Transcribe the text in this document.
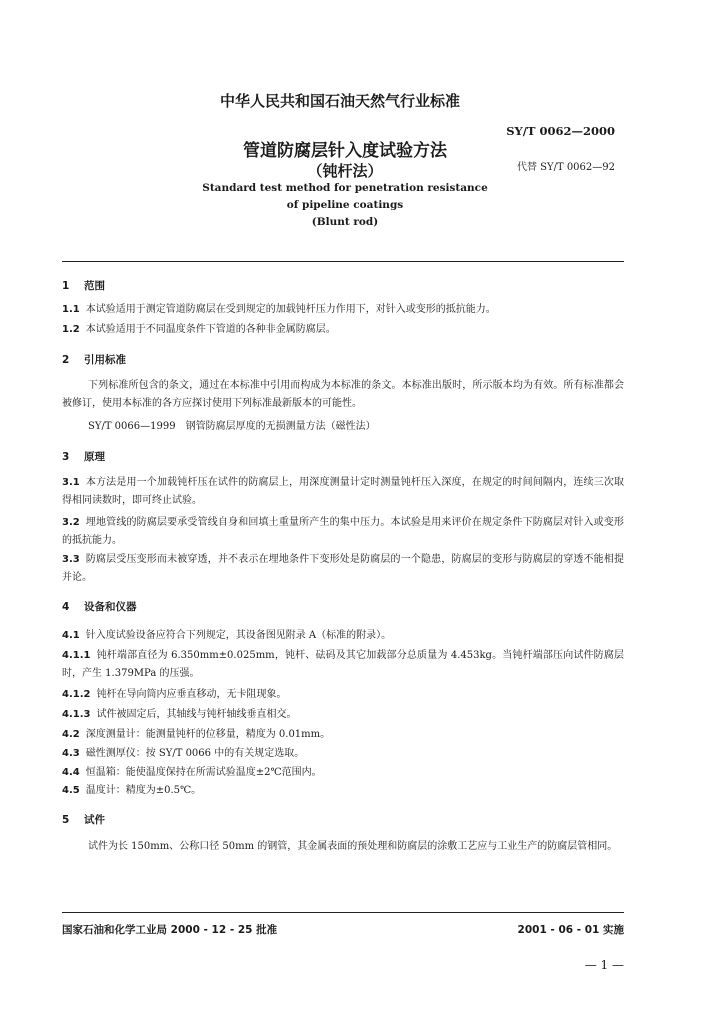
中华人民共和国石油天然气行业标准
SY/T 0062—2000
管道防腐层针入度试验方法
代替 SY/T 0062—92
（钝杆法）
Standard test method for penetration resistance
of pipeline coatings
(Blunt rod)
1 范围
1.1 本试验适用于测定管道防腐层在受到规定的加载钝杆压力作用下，对针入或变形的抵抗能力。
1.2 本试验适用于不同温度条件下管道的各种非金属防腐层。
2 引用标准
下列标准所包含的条文，通过在本标准中引用而构成为本标准的条文。本标准出版时，所示版本均为有效。所有标准都会被修订，使用本标准的各方应探讨使用下列标准最新版本的可能性。
SY/T 0066—1999　钢管防腐层厚度的无损测量方法（磁性法）
3 原理
3.1 本方法是用一个加载钝杆压在试件的防腐层上，用深度测量计定时测量钝杆压入深度，在规定的时间间隔内，连续三次取得相同读数时，即可终止试验。
3.2 埋地管线的防腐层要承受管线自身和回填土重量所产生的集中压力。本试验是用来评价在规定条件下防腐层对针入或变形的抵抗能力。
3.3 防腐层受压变形而未被穿透，并不表示在埋地条件下变形处是防腐层的一个隐患，防腐层的变形与防腐层的穿透不能相提并论。
4 设备和仪器
4.1 针入度试验设备应符合下列规定，其设备图见附录 A（标准的附录）。
4.1.1 钝杆端部直径为 6.350mm±0.025mm，钝杆、砝码及其它加载部分总质量为 4.453kg。当钝杆端部压向试件防腐层时，产生 1.379MPa 的压强。
4.1.2 钝杆在导向筒内应垂直移动，无卡阻现象。
4.1.3 试件被固定后，其轴线与钝杆轴线垂直相交。
4.2 深度测量计：能测量钝杆的位移量，精度为 0.01mm。
4.3 磁性测厚仪：按 SY/T 0066 中的有关规定选取。
4.4 恒温箱：能使温度保持在所需试验温度±2℃范围内。
4.5 温度计：精度为±0.5℃。
5 试件
试件为长 150mm、公称口径 50mm 的钢管，其金属表面的预处理和防腐层的涂敷工艺应与工业生产的防腐层管相同。
国家石油和化学工业局 2000 - 12 - 25 批准	2001 - 06 - 01 实施
— 1 —
